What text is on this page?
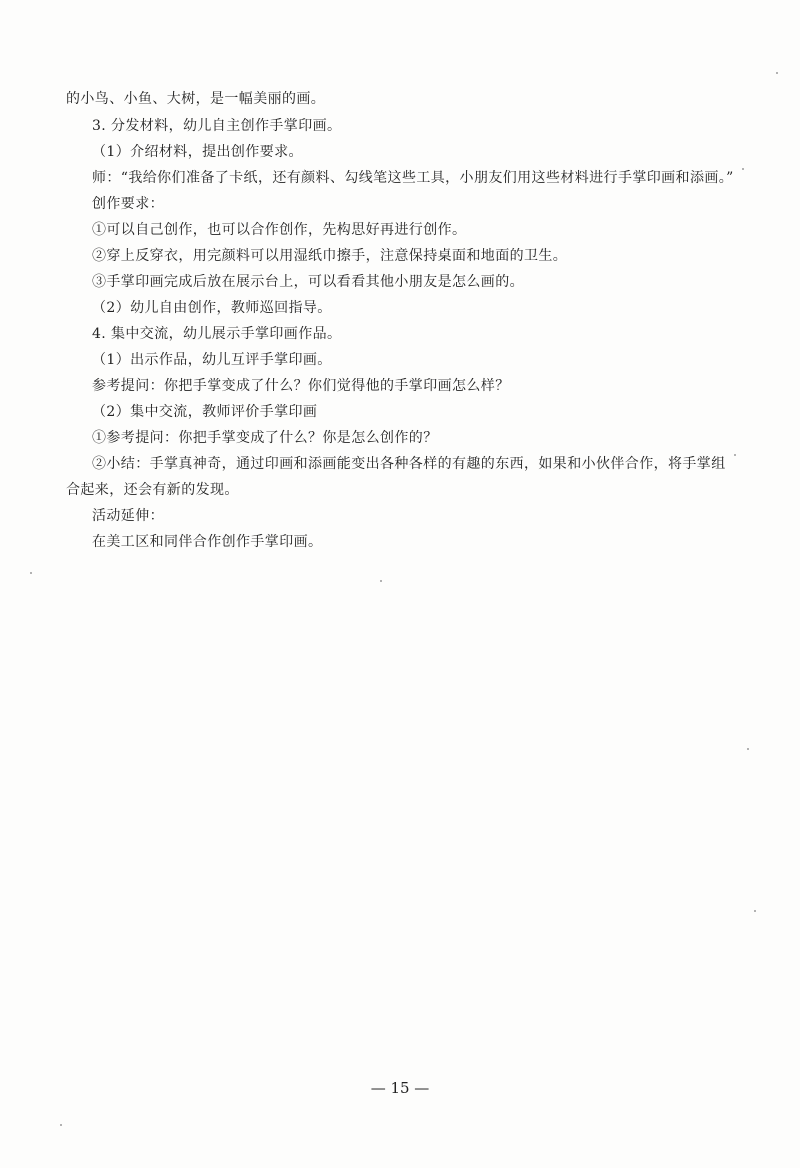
的小鸟、小鱼、大树，是一幅美丽的画。
3. 分发材料，幼儿自主创作手掌印画。
（1）介绍材料，提出创作要求。
师：“我给你们准备了卡纸，还有颜料、勾线笔这些工具，小朋友们用这些材料进行手掌印画和添画。”
创作要求：
①可以自己创作，也可以合作创作，先构思好再进行创作。
②穿上反穿衣，用完颜料可以用湿纸巾擦手，注意保持桌面和地面的卫生。
③手掌印画完成后放在展示台上，可以看看其他小朋友是怎么画的。
（2）幼儿自由创作，教师巡回指导。
4. 集中交流，幼儿展示手掌印画作品。
（1）出示作品，幼儿互评手掌印画。
参考提问：你把手掌变成了什么？你们觉得他的手掌印画怎么样？
（2）集中交流，教师评价手掌印画
①参考提问：你把手掌变成了什么？你是怎么创作的？
②小结：手掌真神奇，通过印画和添画能变出各种各样的有趣的东西，如果和小伙伴合作，将手掌组
合起来，还会有新的发现。
活动延伸：
在美工区和同伴合作创作手掌印画。
— 15 —
